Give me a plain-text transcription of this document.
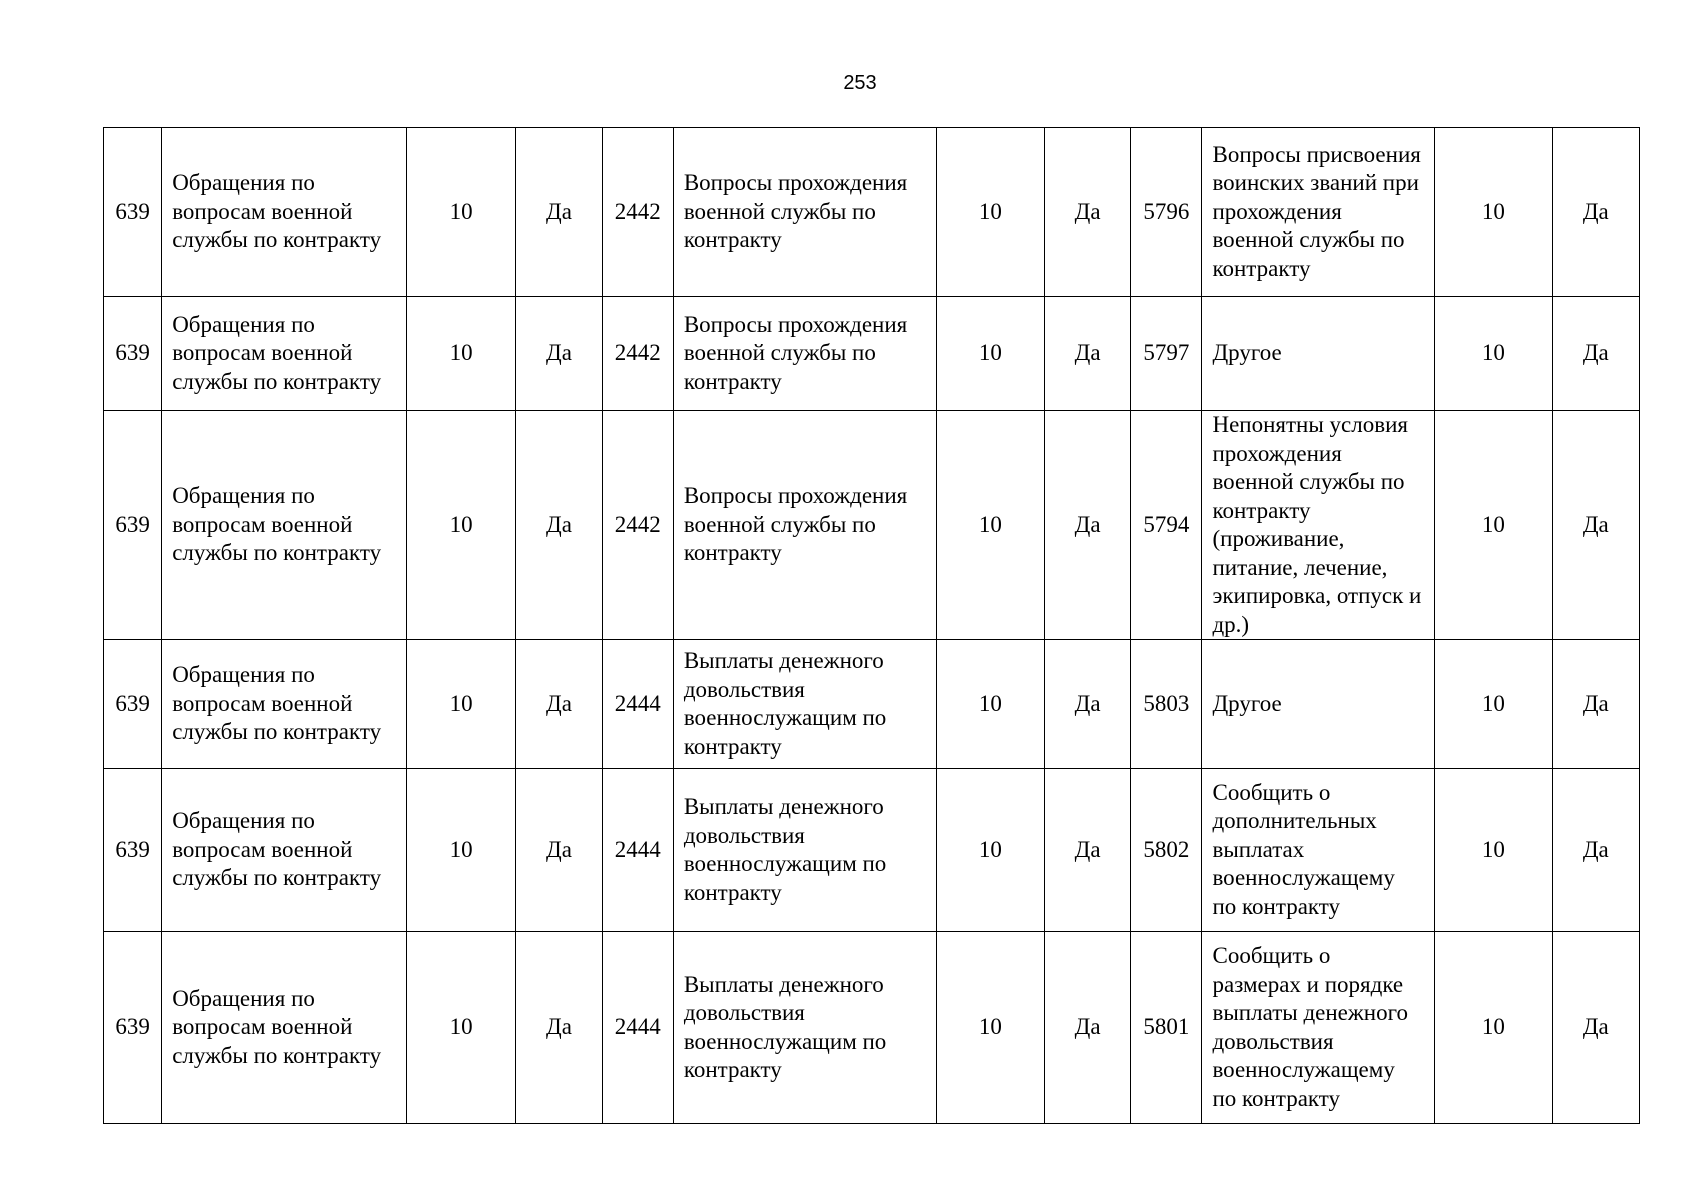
253
639	Обращения по вопросам военной службы по контракту	10	Да	2442	Вопросы прохождения военной службы по контракту	10	Да	5796	Вопросы присвоения воинских званий при прохождения военной службы по контракту	10	Да
639	Обращения по вопросам военной службы по контракту	10	Да	2442	Вопросы прохождения военной службы по контракту	10	Да	5797	Другое	10	Да
639	Обращения по вопросам военной службы по контракту	10	Да	2442	Вопросы прохождения военной службы по контракту	10	Да	5794	Непонятны условия прохождения военной службы по контракту (проживание, питание, лечение, экипировка, отпуск и др.)	10	Да
639	Обращения по вопросам военной службы по контракту	10	Да	2444	Выплаты денежного довольствия военнослужащим по контракту	10	Да	5803	Другое	10	Да
639	Обращения по вопросам военной службы по контракту	10	Да	2444	Выплаты денежного довольствия военнослужащим по контракту	10	Да	5802	Сообщить о дополнительных выплатах военнослужащему по контракту	10	Да
639	Обращения по вопросам военной службы по контракту	10	Да	2444	Выплаты денежного довольствия военнослужащим по контракту	10	Да	5801	Сообщить о размерах и порядке выплаты денежного довольствия военнослужащему по контракту	10	Да
